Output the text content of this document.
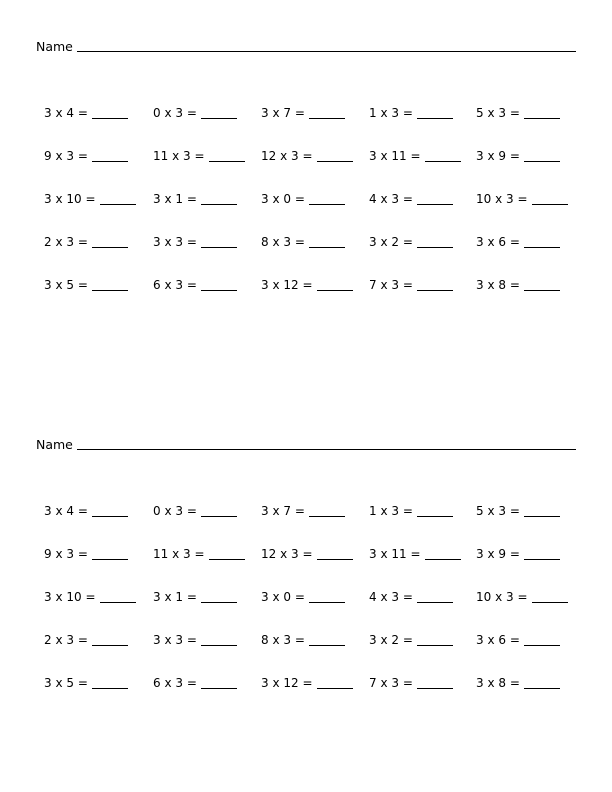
Name
3 x 4 =	0 x 3 =	3 x 7 =	1 x 3 =	5 x 3 =
9 x 3 =	11 x 3 =	12 x 3 =	3 x 11 =	3 x 9 =
3 x 10 =	3 x 1 =	3 x 0 =	4 x 3 =	10 x 3 =
2 x 3 =	3 x 3 =	8 x 3 =	3 x 2 =	3 x 6 =
3 x 5 =	6 x 3 =	3 x 12 =	7 x 3 =	3 x 8 =
Name
3 x 4 =	0 x 3 =	3 x 7 =	1 x 3 =	5 x 3 =
9 x 3 =	11 x 3 =	12 x 3 =	3 x 11 =	3 x 9 =
3 x 10 =	3 x 1 =	3 x 0 =	4 x 3 =	10 x 3 =
2 x 3 =	3 x 3 =	8 x 3 =	3 x 2 =	3 x 6 =
3 x 5 =	6 x 3 =	3 x 12 =	7 x 3 =	3 x 8 =
